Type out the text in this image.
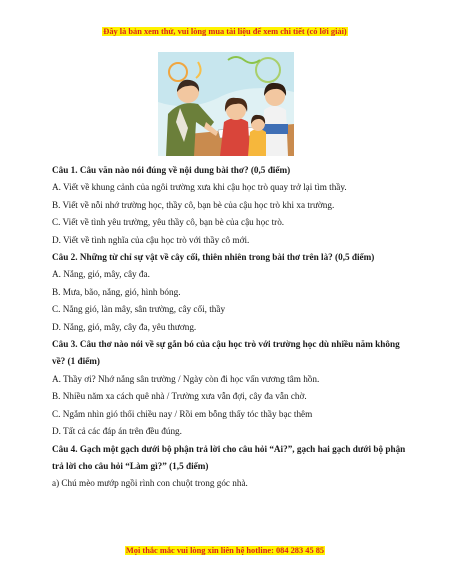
Đây là bản xem thử, vui lòng mua tài liệu để xem chi tiết (có lời giải)

Câu 1. Câu văn nào nói đúng về nội dung bài thơ? (0,5 điểm)

A. Viết về khung cảnh của ngôi trường xưa khi cậu học trò quay trở lại tìm thầy.

B. Viết về nỗi nhớ trường học, thầy cô, bạn bè của cậu học trò khi xa trường.

C. Viết về tình yêu trường, yêu thầy cô, bạn bè của cậu học trò.

D. Viết về tình nghĩa của cậu học trò với thầy cô mới.

Câu 2. Những từ chỉ sự vật về cây cối, thiên nhiên trong bài thơ trên là? (0,5 điểm)

A. Nắng, gió, mây, cây đa.

B. Mưa, bão, nắng, gió, hình bóng.

C. Nắng gió, làn mây, sân trường, cây cối, thầy

D. Nắng, gió, mây, cây đa, yêu thương.

Câu 3. Câu thơ nào nói về sự gắn bó của cậu học trò với trường học dù nhiều năm không về? (1 điểm)

A. Thầy ơi? Nhớ nắng sân trường / Ngày còn đi học vấn vương tâm hồn.

B. Nhiều năm xa cách quê nhà / Trường xưa vẫn đợi, cây đa vẫn chờ.

C. Ngắm nhìn gió thổi chiều nay / Rồi em bỗng thấy tóc thầy bạc thêm

D. Tất cả các đáp án trên đều đúng.

Câu 4. Gạch một gạch dưới bộ phận trả lời cho câu hỏi “Ai?”, gạch hai gạch dưới bộ phận trả lời cho câu hỏi “Làm gì?” (1,5 điểm)

a) Chú mèo mướp ngồi rình con chuột trong góc nhà.

Mọi thắc mắc vui lòng xin liên hệ hotline: 084 283 45 85
